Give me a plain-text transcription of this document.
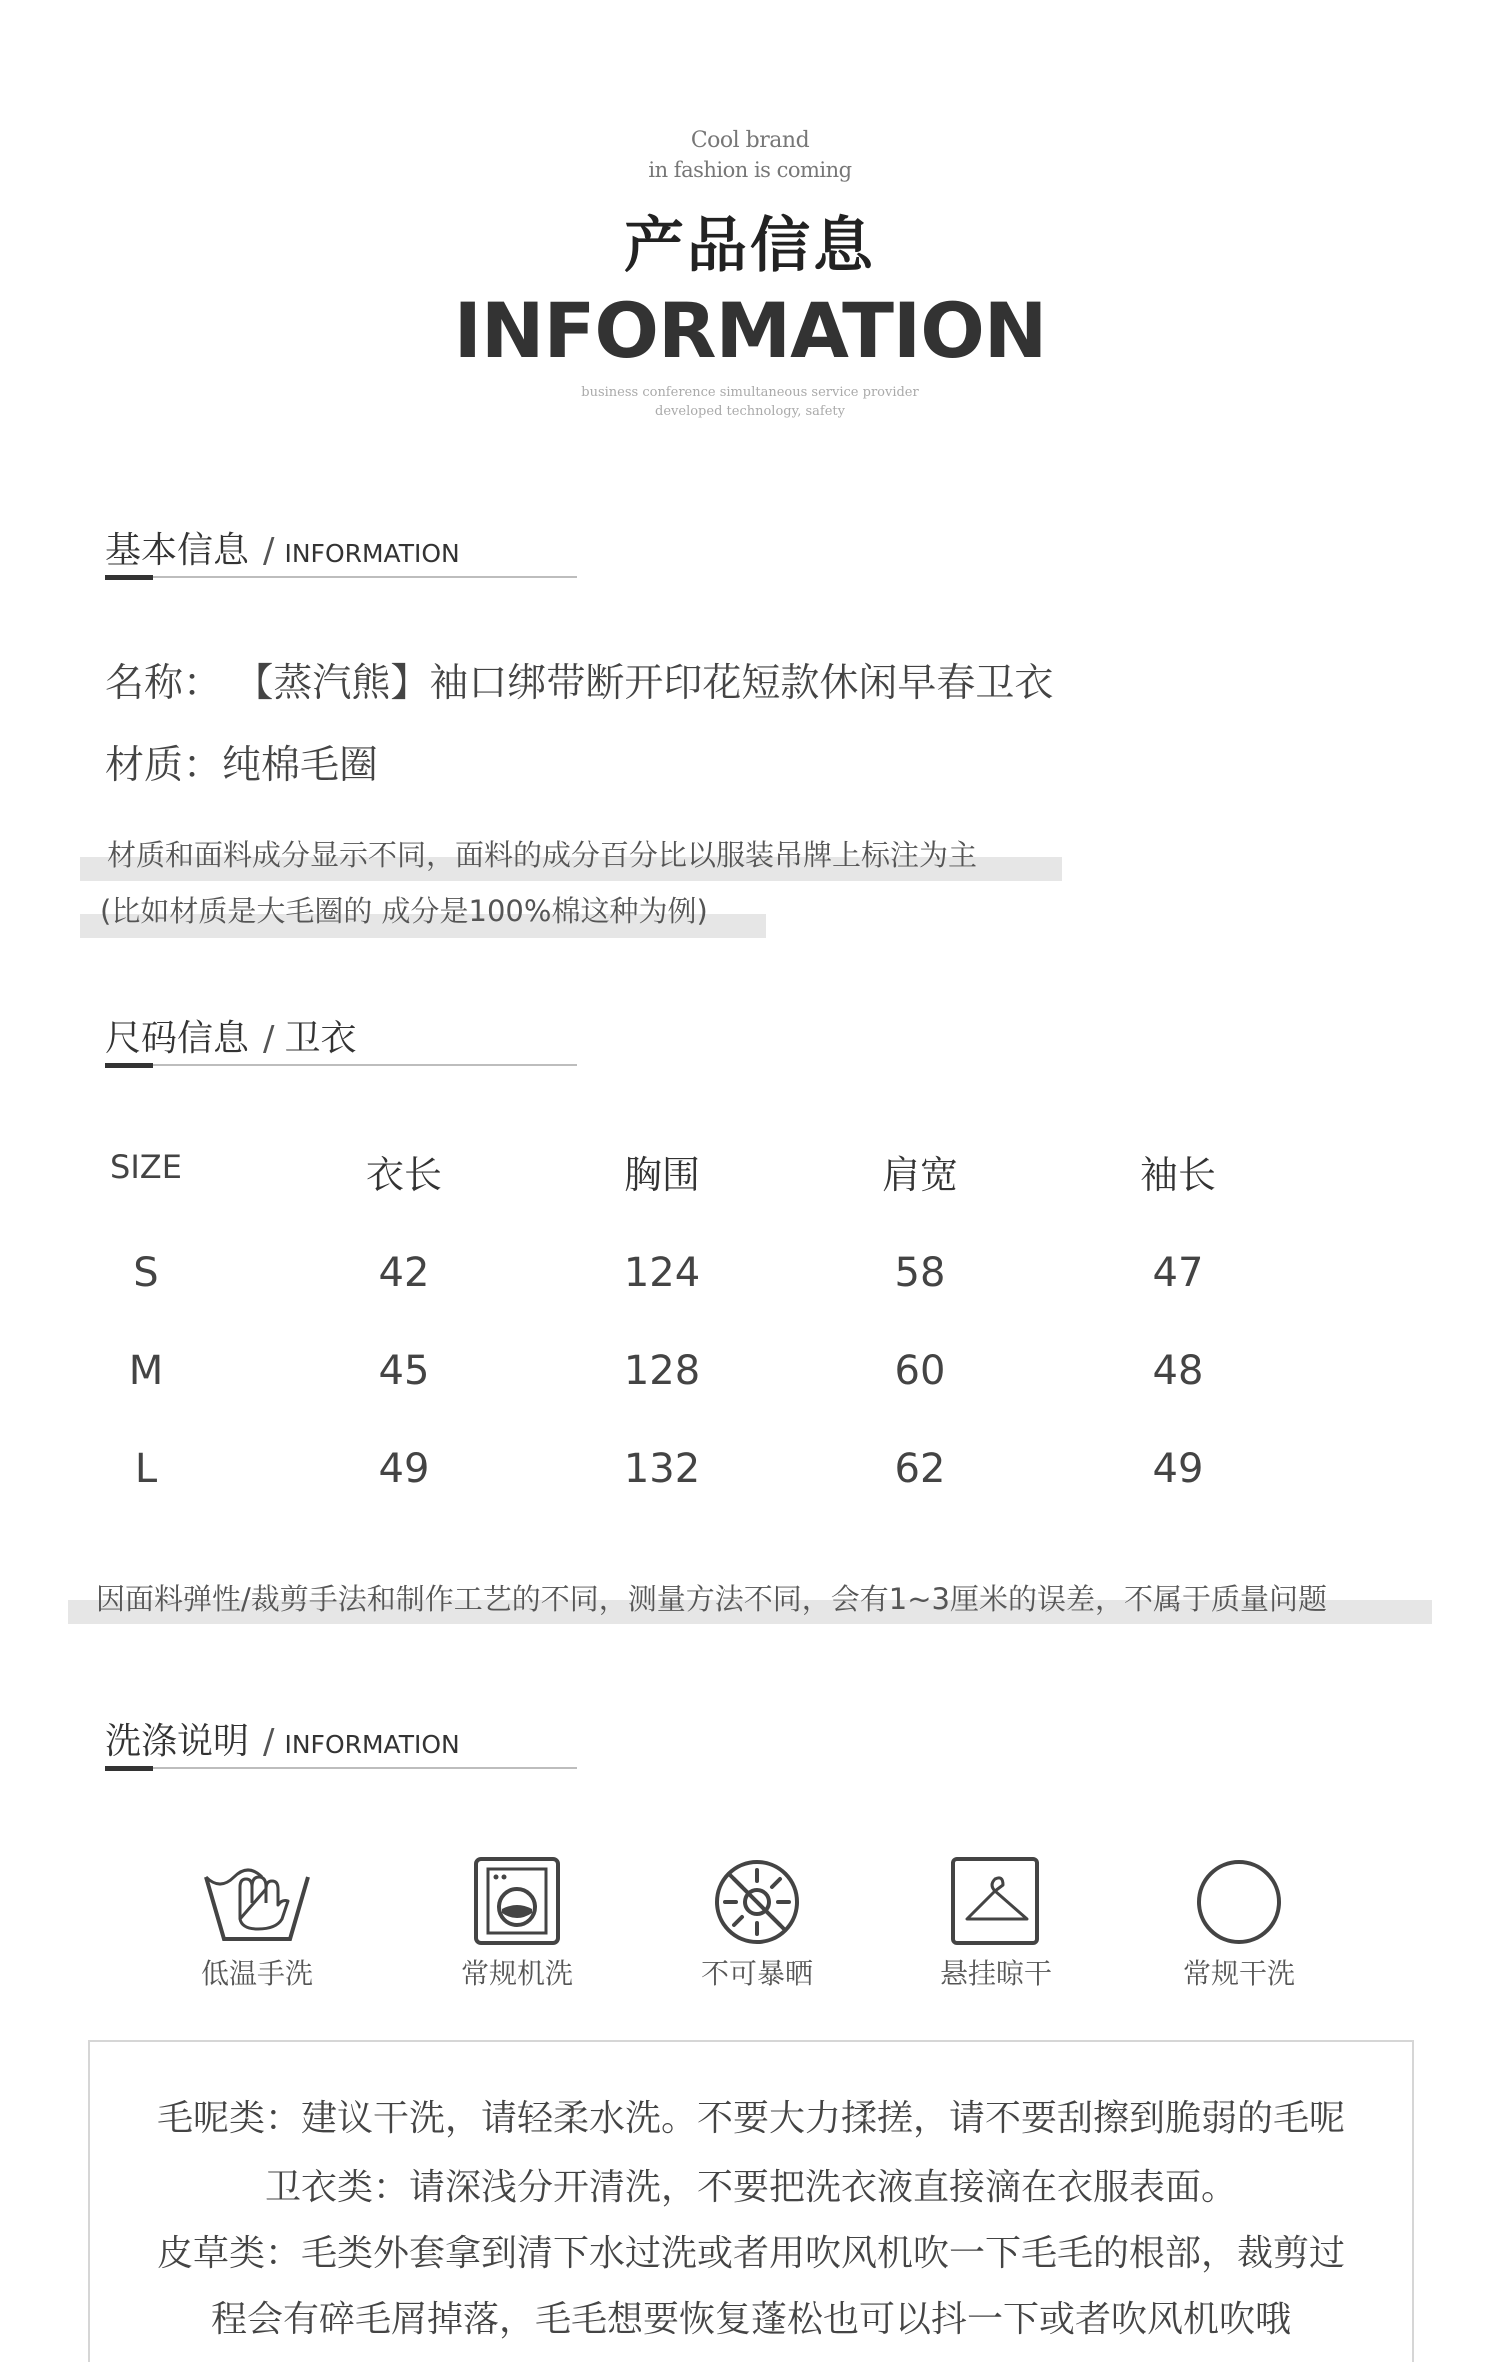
Cool brand
in fashion is coming
产品信息
INFORMATION
business conference simultaneous service provider
developed technology, safety
基本信息 / INFORMATION
名称： 【蒸汽熊】袖口绑带断开印花短款休闲早春卫衣
材质：纯棉毛圈
材质和面料成分显示不同，面料的成分百分比以服装吊牌上标注为主
(比如材质是大毛圈的 成分是100%棉这种为例)
尺码信息 / 卫衣
SIZE	衣长	胸围	肩宽	袖长
S	42	124	58	47
M	45	128	60	48
L	49	132	62	49
因面料弹性/裁剪手法和制作工艺的不同，测量方法不同，会有1~3厘米的误差，不属于质量问题
洗涤说明 / INFORMATION
低温手洗	常规机洗	不可暴晒	悬挂晾干	常规干洗
毛呢类：建议干洗，请轻柔水洗。不要大力揉搓，请不要刮擦到脆弱的毛呢
卫衣类：请深浅分开清洗，不要把洗衣液直接滴在衣服表面。
皮草类：毛类外套拿到清下水过洗或者用吹风机吹一下毛毛的根部，裁剪过
程会有碎毛屑掉落，毛毛想要恢复蓬松也可以抖一下或者吹风机吹哦
